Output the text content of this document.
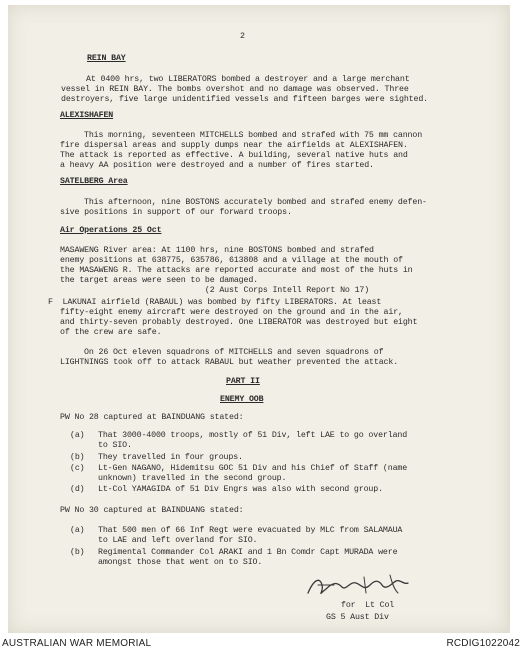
2
REIN BAY
At 0400 hrs, two LIBERATORS bombed a destroyer and a large merchant
vessel in REIN BAY. The bombs overshot and no damage was observed. Three
destroyers, five large unidentified vessels and fifteen barges were sighted.
ALEXISHAFEN
This morning, seventeen MITCHELLS bombed and strafed with 75 mm cannon
fire dispersal areas and supply dumps near the airfields at ALEXISHAFEN.
The attack is reported as effective. A building, several native huts and
a heavy AA position were destroyed and a number of fires started.
SATELBERG Area
This afternoon, nine BOSTONS accurately bombed and strafed enemy defen-
sive positions in support of our forward troops.
Air Operations 25 Oct
MASAWENG River area: At 1100 hrs, nine BOSTONS bombed and strafed
enemy positions at 638775, 635786, 613808 and a village at the mouth of
the MASAWENG R. The attacks are reported accurate and most of the huts in
the target areas were seen to be damaged.
(2 Aust Corps Intell Report No 17)
F  LAKUNAI airfield (RABAUL) was bombed by fifty LIBERATORS. At least
fifty-eight enemy aircraft were destroyed on the ground and in the air,
and thirty-seven probably destroyed. One LIBERATOR was destroyed but eight
of the crew are safe.
On 26 Oct eleven squadrons of MITCHELLS and seven squadrons of
LIGHTNINGS took off to attack RABAUL but weather prevented the attack.
PART II
ENEMY OOB
PW No 28 captured at BAINDUANG stated:
(a) That 3000-4000 troops, mostly of 51 Div, left LAE to go overland
to SIO.
(b) They travelled in four groups.
(c) Lt-Gen NAGANO, Hidemitsu GOC 51 Div and his Chief of Staff (name
unknown) travelled in the second group.
(d) Lt-Col YAMAGIDA of 51 Div Engrs was also with second group.
PW No 30 captured at BAINDUANG stated:
(a) That 500 men of 66 Inf Regt were evacuated by MLC from SALAMAUA
to LAE and left overland for SIO.
(b) Regimental Commander Col ARAKI and 1 Bn Comdr Capt MURADA were
amongst those that went on to SIO.
for  Lt Col
GS 5 Aust Div
AUSTRALIAN WAR MEMORIAL	RCDIG1022042
